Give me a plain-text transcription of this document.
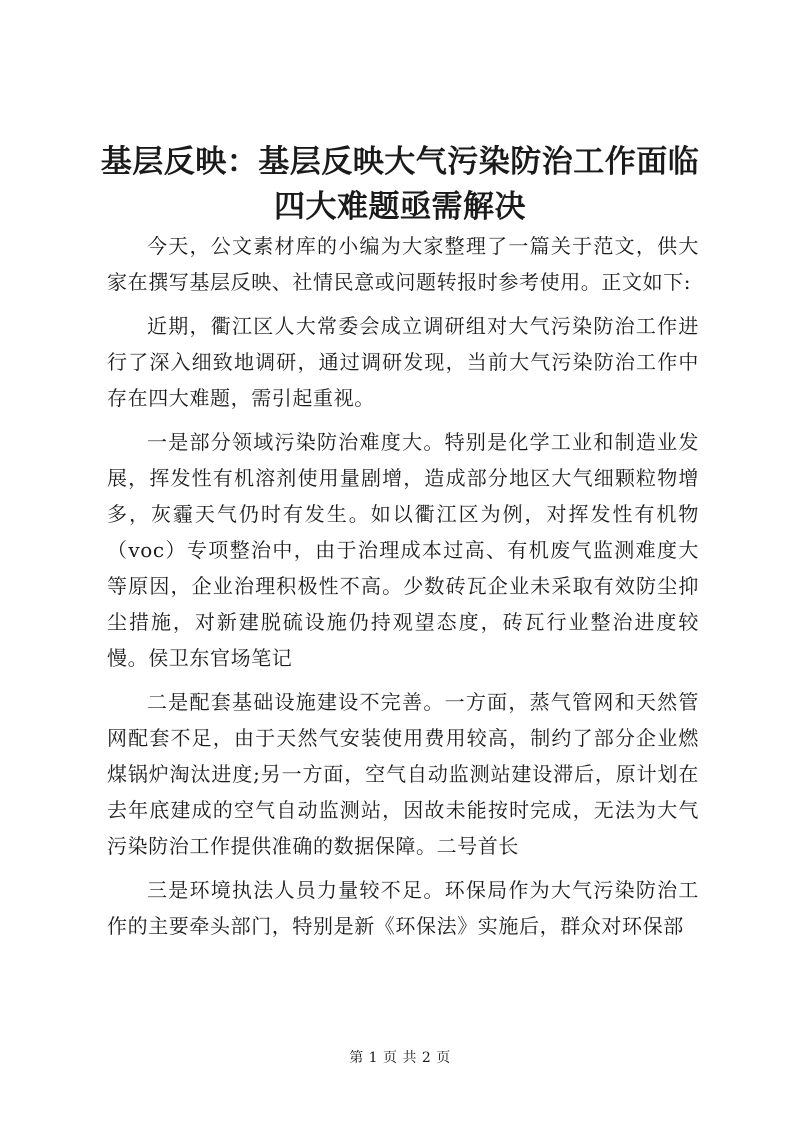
基层反映：基层反映大气污染防治工作面临四大难题亟需解决

今天，公文素材库的小编为大家整理了一篇关于范文，供大家在撰写基层反映、社情民意或问题转报时参考使用。正文如下:

近期，衢江区人大常委会成立调研组对大气污染防治工作进行了深入细致地调研，通过调研发现，当前大气污染防治工作中存在四大难题，需引起重视。

一是部分领域污染防治难度大。特别是化学工业和制造业发展，挥发性有机溶剂使用量剧增，造成部分地区大气细颗粒物增多，灰霾天气仍时有发生。如以衢江区为例，对挥发性有机物（voc）专项整治中，由于治理成本过高、有机废气监测难度大等原因，企业治理积极性不高。少数砖瓦企业未采取有效防尘抑尘措施，对新建脱硫设施仍持观望态度，砖瓦行业整治进度较慢。侯卫东官场笔记

二是配套基础设施建设不完善。一方面，蒸气管网和天然管网配套不足，由于天然气安装使用费用较高，制约了部分企业燃煤锅炉淘汰进度;另一方面，空气自动监测站建设滞后，原计划在去年底建成的空气自动监测站，因故未能按时完成，无法为大气污染防治工作提供准确的数据保障。二号首长

三是环境执法人员力量较不足。环保局作为大气污染防治工作的主要牵头部门，特别是新《环保法》实施后，群众对环保部

第 1 页 共 2 页
